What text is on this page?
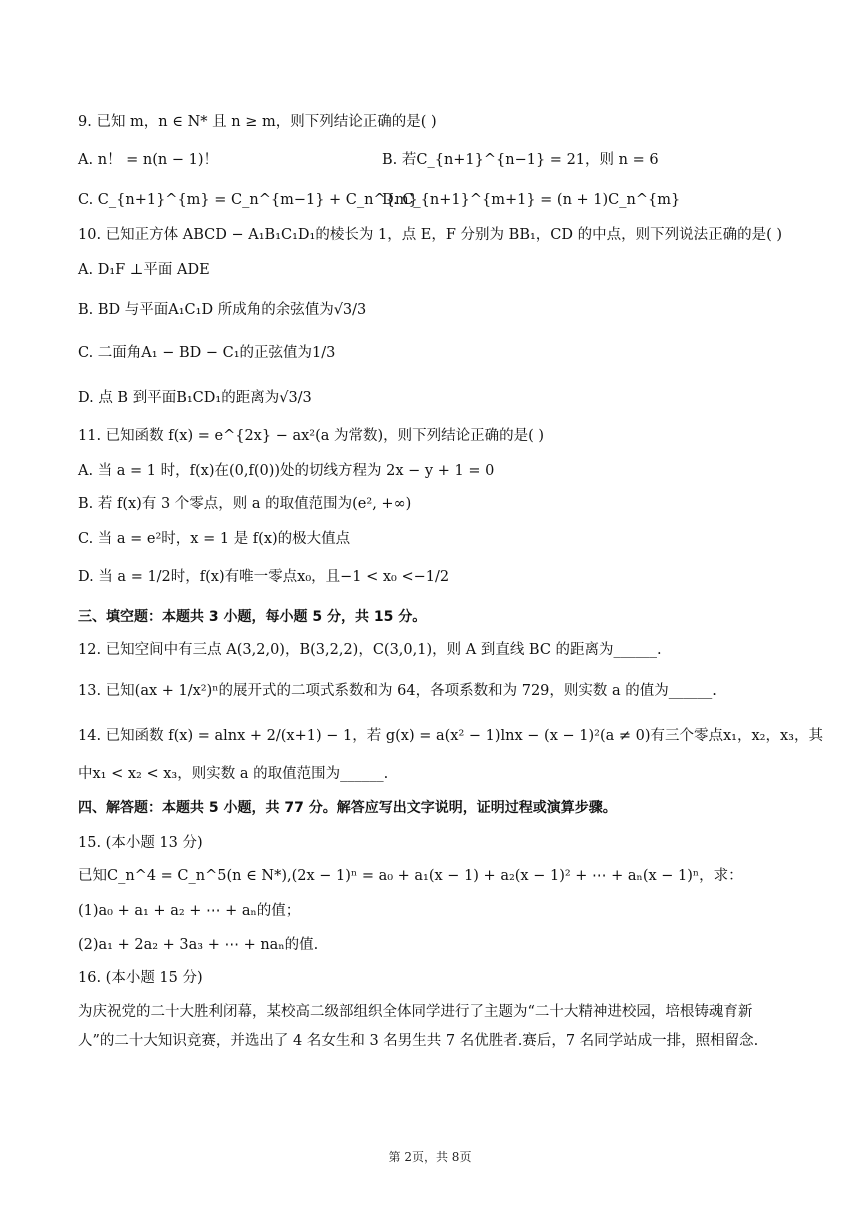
9. 已知 m，n ∈ N* 且 n ≥ m，则下列结论正确的是( )
A. n！ = n(n − 1)！	B. 若C_{n+1}^{n−1} = 21，则 n = 6
C. C_{n+1}^{m} = C_n^{m−1} + C_n^{m}
D. C_{n+1}^{m+1} = (n + 1)C_n^{m}
10. 已知正方体 ABCD − A₁B₁C₁D₁的棱长为 1，点 E，F 分别为 BB₁，CD 的中点，则下列说法正确的是( )
A. D₁F ⊥平面 ADE
B. BD 与平面A₁C₁D 所成角的余弦值为√3/3
C. 二面角A₁ − BD − C₁的正弦值为1/3
D. 点 B 到平面B₁CD₁的距离为√3/3
11. 已知函数 f(x) = e^{2x} − ax²(a 为常数)，则下列结论正确的是( )
A. 当 a = 1 时，f(x)在(0,f(0))处的切线方程为 2x − y + 1 = 0
B. 若 f(x)有 3 个零点，则 a 的取值范围为(e², +∞)
C. 当 a = e²时，x = 1 是 f(x)的极大值点
D. 当 a = 1/2时，f(x)有唯一零点x₀，且−1 < x₀ <−1/2
三、填空题：本题共 3 小题，每小题 5 分，共 15 分。
12. 已知空间中有三点 A(3,2,0)，B(3,2,2)，C(3,0,1)，则 A 到直线 BC 的距离为______.
13. 已知(ax + 1/x²)ⁿ的展开式的二项式系数和为 64，各项系数和为 729，则实数 a 的值为______.
14. 已知函数 f(x) = alnx + 2/(x+1) − 1，若 g(x) = a(x² − 1)lnx − (x − 1)²(a ≠ 0)有三个零点x₁，x₂，x₃，其
中x₁ < x₂ < x₃，则实数 a 的取值范围为______.
四、解答题：本题共 5 小题，共 77 分。解答应写出文字说明，证明过程或演算步骤。
15. (本小题 13 分)
已知C_n^4 = C_n^5(n ∈ N*),(2x − 1)ⁿ = a₀ + a₁(x − 1) + a₂(x − 1)² + ⋯ + aₙ(x − 1)ⁿ，求：
(1)a₀ + a₁ + a₂ + ⋯ + aₙ的值；
(2)a₁ + 2a₂ + 3a₃ + ⋯ + naₙ的值.
16. (本小题 15 分)
为庆祝党的二十大胜利闭幕，某校高二级部组织全体同学进行了主题为“二十大精神进校园，培根铸魂育新人”的二十大知识竞赛，并选出了 4 名女生和 3 名男生共 7 名优胜者.赛后，7 名同学站成一排，照相留念.
第 2页，共 8页
